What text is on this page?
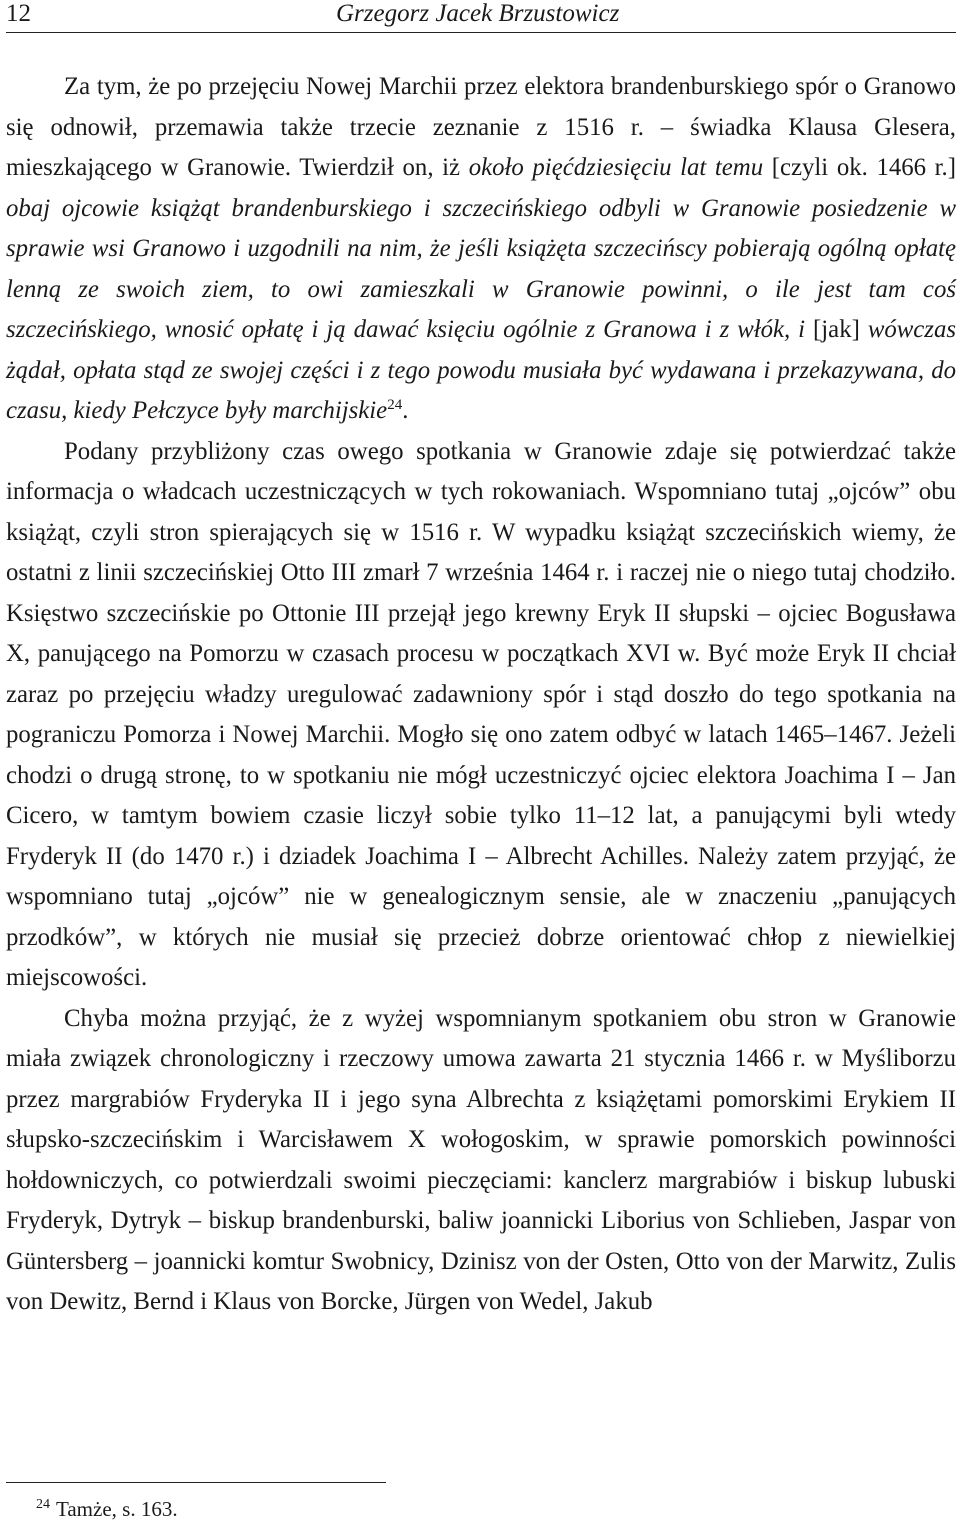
12	Grzegorz Jacek Brzustowicz

Za tym, że po przejęciu Nowej Marchii przez elektora brandenburskiego spór o Granowo się odnowił, przemawia także trzecie zeznanie z 1516 r. – świadka Klausa Glesera, mieszkającego w Granowie. Twierdził on, iż około pięćdziesięciu lat temu [czyli ok. 1466 r.] obaj ojcowie książąt brandenburskiego i szczecińskiego odbyli w Granowie posiedzenie w sprawie wsi Granowo i uzgodnili na nim, że jeśli książęta szczecińscy pobierają ogólną opłatę lenną ze swoich ziem, to owi zamieszkali w Granowie powinni, o ile jest tam coś szczecińskiego, wnosić opłatę i ją dawać księciu ogólnie z Granowa i z włók, i [jak] wówczas żądał, opłata stąd ze swojej części i z tego powodu musiała być wydawana i przekazywana, do czasu, kiedy Pełczyce były marchijskie$^{24}$.

Podany przybliżony czas owego spotkania w Granowie zdaje się potwierdzać także informacja o władcach uczestniczących w tych rokowaniach. Wspomniano tutaj „ojców” obu książąt, czyli stron spierających się w 1516 r. W wypadku książąt szczecińskich wiemy, że ostatni z linii szczecińskiej Otto III zmarł 7 września 1464 r. i raczej nie o niego tutaj chodziło. Księstwo szczecińskie po Ottonie III przejął jego krewny Eryk II słupski – ojciec Bogusława X, panującego na Pomorzu w czasach procesu w początkach XVI w. Być może Eryk II chciał zaraz po przejęciu władzy uregulować zadawniony spór i stąd doszło do tego spotkania na pograniczu Pomorza i Nowej Marchii. Mogło się ono zatem odbyć w latach 1465–1467. Jeżeli chodzi o drugą stronę, to w spotkaniu nie mógł uczestniczyć ojciec elektora Joachima I – Jan Cicero, w tamtym bowiem czasie liczył sobie tylko 11–12 lat, a panującymi byli wtedy Fryderyk II (do 1470 r.) i dziadek Joachima I – Albrecht Achilles. Należy zatem przyjąć, że wspomniano tutaj „ojców” nie w genealogicznym sensie, ale w znaczeniu „panujących przodków”, w których nie musiał się przecież dobrze orientować chłop z niewielkiej miejscowości.

Chyba można przyjąć, że z wyżej wspomnianym spotkaniem obu stron w Granowie miała związek chronologiczny i rzeczowy umowa zawarta 21 stycznia 1466 r. w Myśliborzu przez margrabiów Fryderyka II i jego syna Albrechta z książętami pomorskimi Erykiem II słupsko-szczecińskim i Warcisławem X wołogoskim, w sprawie pomorskich powinności hołdowniczych, co potwierdzali swoimi pieczęciami: kanclerz margrabiów i biskup lubuski Fryderyk, Dytryk – biskup brandenburski, baliw joannicki Liborius von Schlieben, Jaspar von Güntersberg – joannicki komtur Swobnicy, Dzinisz von der Osten, Otto von der Marwitz, Zulis von Dewitz, Bernd i Klaus von Borcke, Jürgen von Wedel, Jakub

$^{24}$ Tamże, s. 163.
